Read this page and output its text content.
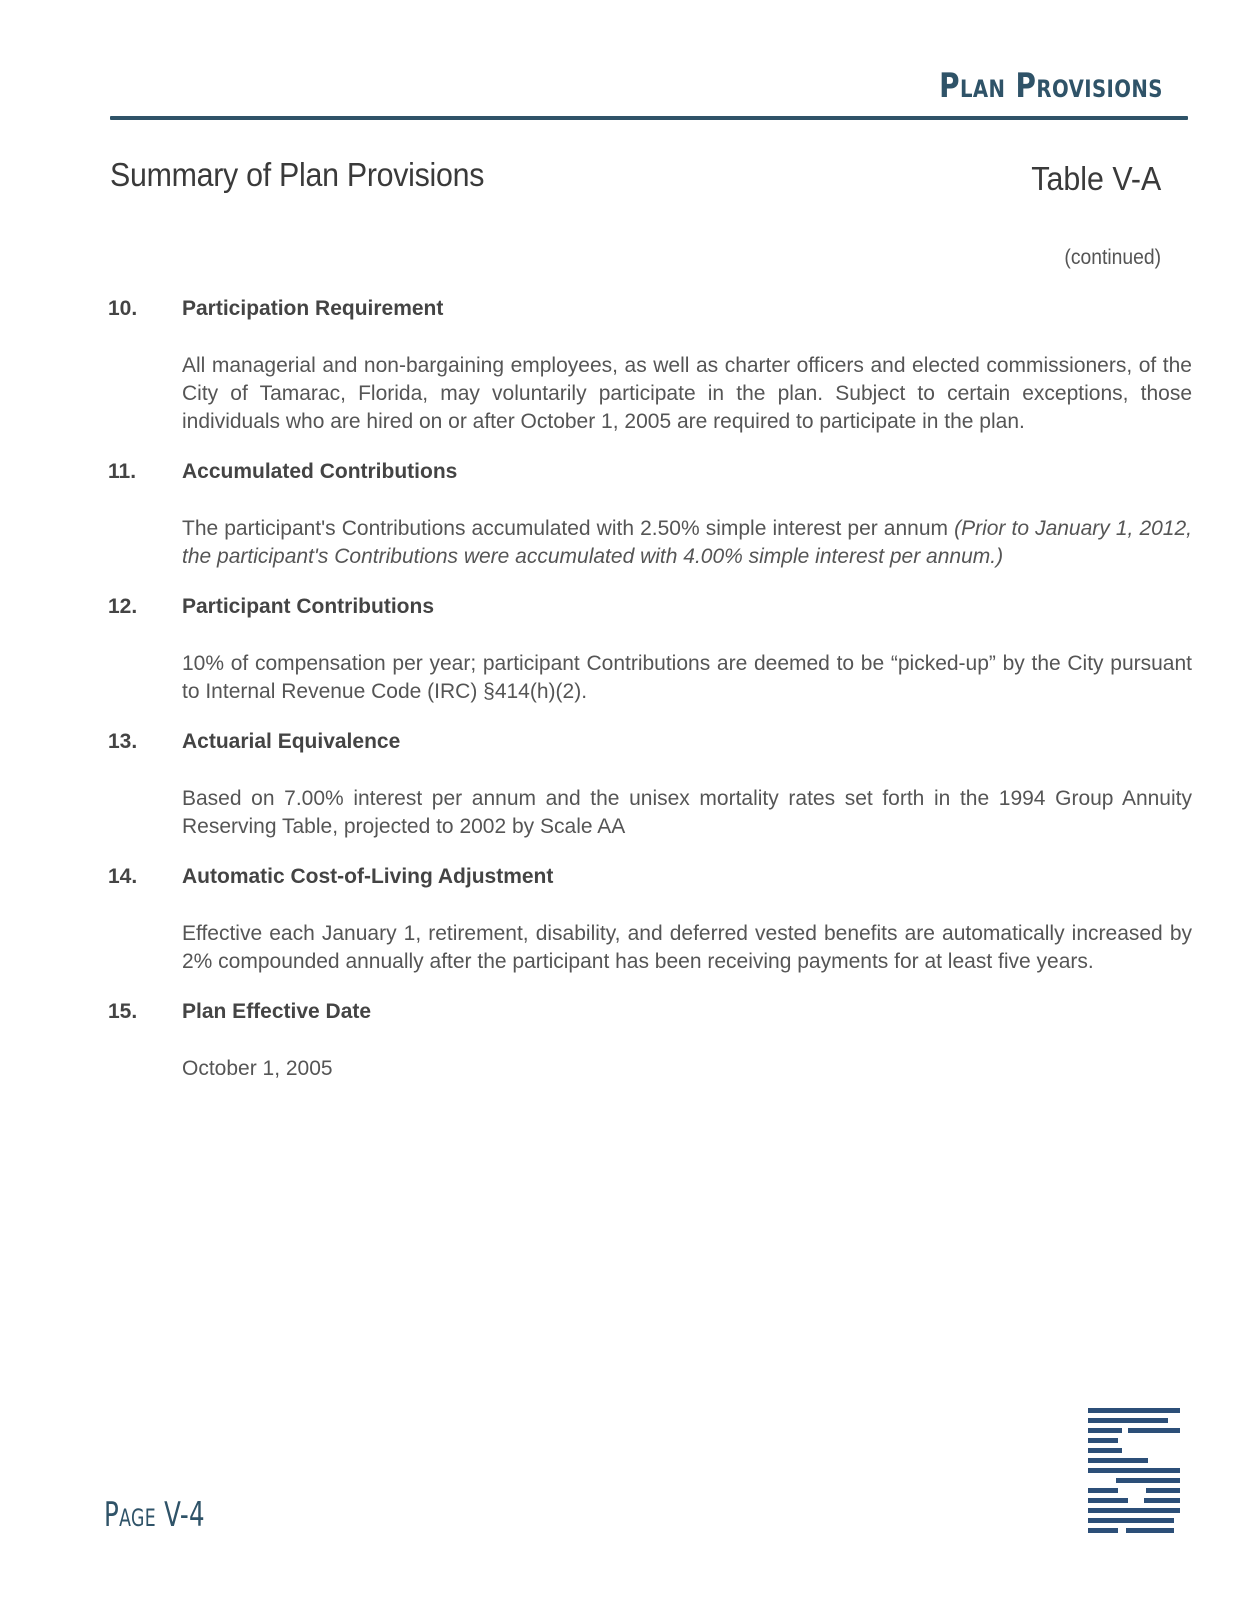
Plan Provisions
Summary of Plan Provisions	Table V-A
(continued)
10. Participation Requirement

All managerial and non-bargaining employees, as well as charter officers and elected commissioners, of the City of Tamarac, Florida, may voluntarily participate in the plan. Subject to certain exceptions, those individuals who are hired on or after October 1, 2005 are required to participate in the plan.

11. Accumulated Contributions

The participant's Contributions accumulated with 2.50% simple interest per annum (Prior to January 1, 2012, the participant's Contributions were accumulated with 4.00% simple interest per annum.)

12. Participant Contributions

10% of compensation per year; participant Contributions are deemed to be “picked-up” by the City pursuant to Internal Revenue Code (IRC) §414(h)(2).

13. Actuarial Equivalence

Based on 7.00% interest per annum and the unisex mortality rates set forth in the 1994 Group Annuity Reserving Table, projected to 2002 by Scale AA

14. Automatic Cost-of-Living Adjustment

Effective each January 1, retirement, disability, and deferred vested benefits are automatically increased by 2% compounded annually after the participant has been receiving payments for at least five years.

15. Plan Effective Date

October 1, 2005

Page V-4
